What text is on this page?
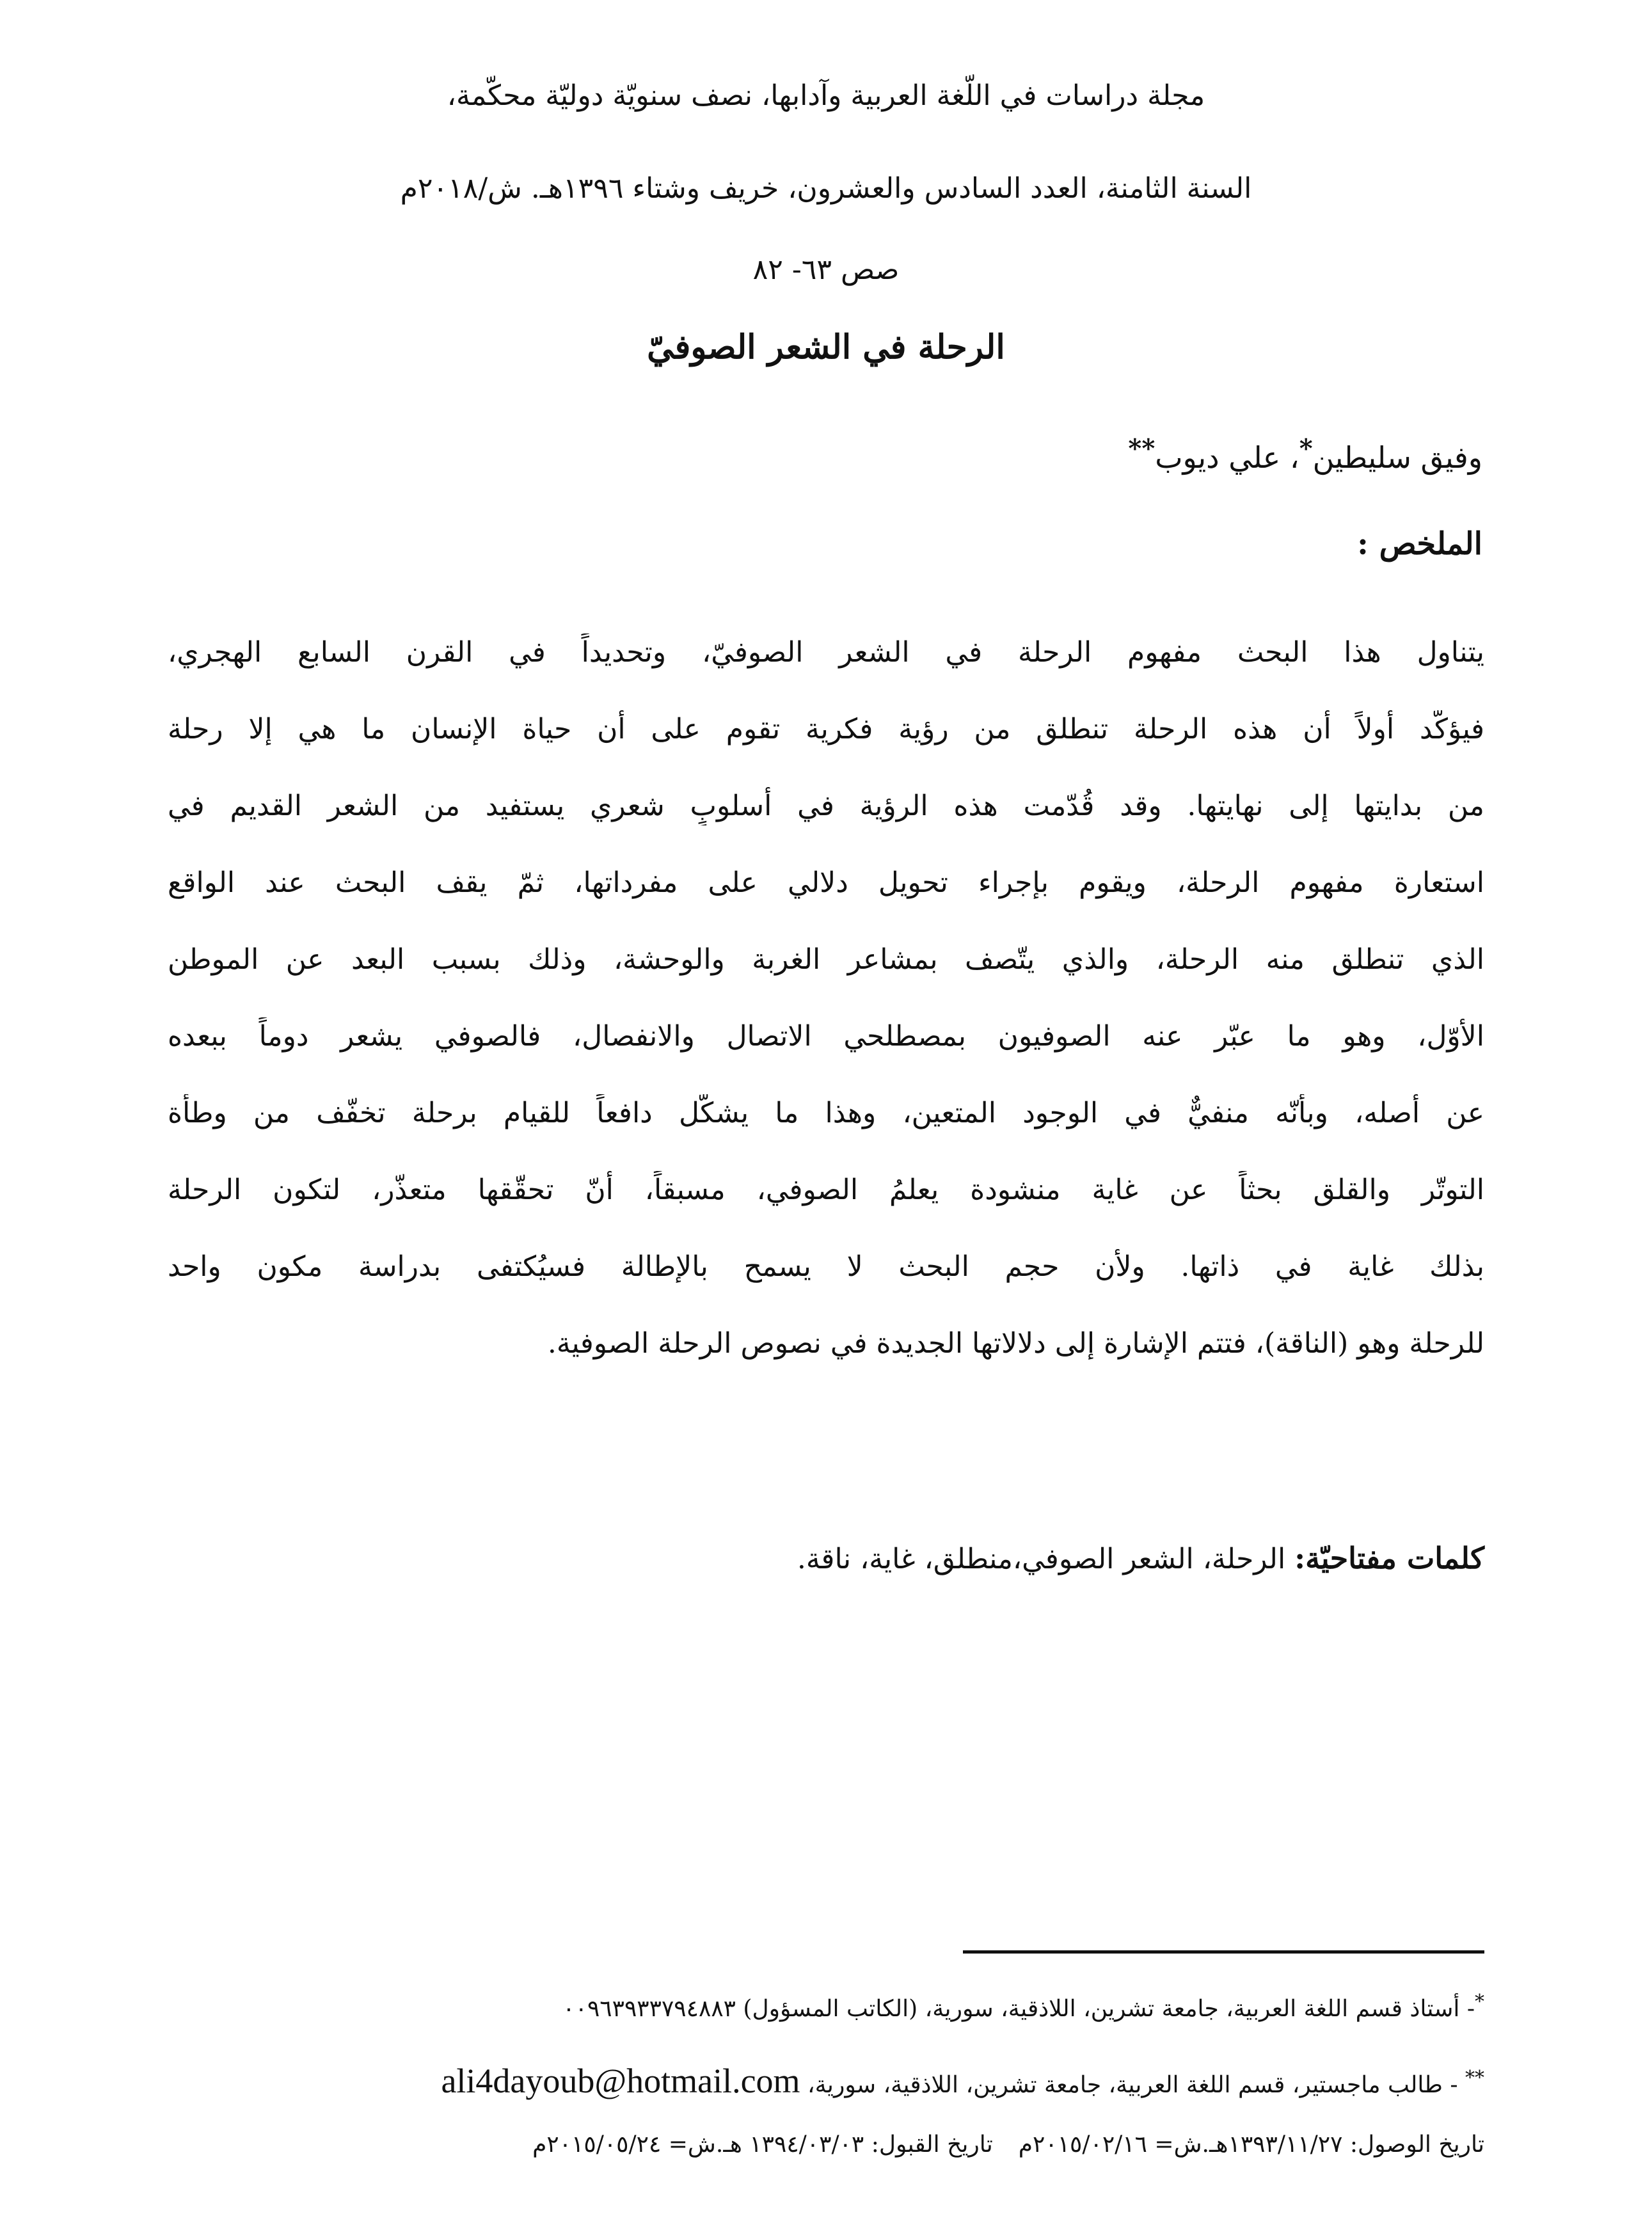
مجلة دراسات في اللّغة العربية وآدابها، نصف سنويّة دوليّة محكّمة،
السنة الثامنة، العدد السادس والعشرون، خريف وشتاء ١٣٩٦هـ. ش/٢٠١٨م
صص ٦٣- ٨٢
الرحلة في الشعر الصوفيّ
وفيق سليطين*، علي ديوب**
الملخص :
يتناول هذا البحث مفهوم الرحلة في الشعر الصوفيّ، وتحديداً في القرن السابع الهجري،
فيؤكّد أولاً أن هذه الرحلة تنطلق من رؤية فكرية تقوم على أن حياة الإنسان ما هي إلا رحلة
من بدايتها إلى نهايتها. وقد قُدّمت هذه الرؤية في أسلوبٍ شعري يستفيد من الشعر القديم في
استعارة مفهوم الرحلة، ويقوم بإجراء تحويل دلالي على مفرداتها، ثمّ يقف البحث عند الواقع
الذي تنطلق منه الرحلة، والذي يتّصف بمشاعر الغربة والوحشة، وذلك بسبب البعد عن الموطن
الأوّل، وهو ما عبّر عنه الصوفيون بمصطلحي الاتصال والانفصال، فالصوفي يشعر دوماً ببعده
عن أصله، وبأنّه منفيٌّ في الوجود المتعين، وهذا ما يشكّل دافعاً للقيام برحلة تخفّف من وطأة
التوتّر والقلق بحثاً عن غاية منشودة يعلمُ الصوفي، مسبقاً، أنّ تحقّقها متعذّر، لتكون الرحلة
بذلك غاية في ذاتها. ولأن حجم البحث لا يسمح بالإطالة فسيُكتفى بدراسة مكون واحد
للرحلة وهو (الناقة)، فتتم الإشارة إلى دلالاتها الجديدة في نصوص الرحلة الصوفية.
كلمات مفتاحيّة: الرحلة، الشعر الصوفي،منطلق، غاية، ناقة.
*- أستاذ قسم اللغة العربية، جامعة تشرين، اللاذقية، سورية، (الكاتب المسؤول) ٠٠٩٦٣٩٣٣٧٩٤٨٨٣
** - طالب ماجستير، قسم اللغة العربية، جامعة تشرين، اللاذقية، سورية، ali4dayoub@hotmail.com
تاريخ الوصول: ١٣٩٣/١١/٢٧هـ.ش= ٢٠١٥/٠٢/١٦متاريخ القبول: ١٣٩٤/٠٣/٠٣ هـ.ش= ٢٠١٥/٠٥/٢٤م
